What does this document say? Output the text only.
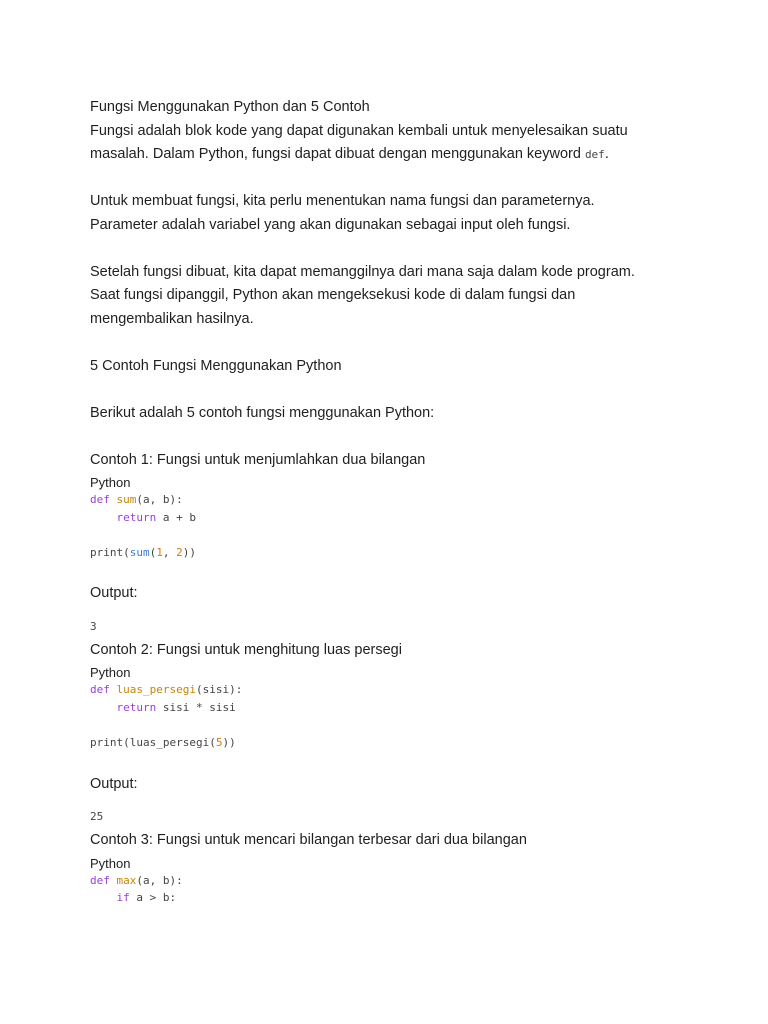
Fungsi Menggunakan Python dan 5 Contoh

Fungsi adalah blok kode yang dapat digunakan kembali untuk menyelesaikan suatu

masalah. Dalam Python, fungsi dapat dibuat dengan menggunakan keyword def.

Untuk membuat fungsi, kita perlu menentukan nama fungsi dan parameternya.

Parameter adalah variabel yang akan digunakan sebagai input oleh fungsi.

Setelah fungsi dibuat, kita dapat memanggilnya dari mana saja dalam kode program.

Saat fungsi dipanggil, Python akan mengeksekusi kode di dalam fungsi dan

mengembalikan hasilnya.

5 Contoh Fungsi Menggunakan Python

Berikut adalah 5 contoh fungsi menggunakan Python:

Contoh 1: Fungsi untuk menjumlahkan dua bilangan

Python

def sum(a, b):
return a + b

print(sum(1, 2))

Output:

3

Contoh 2: Fungsi untuk menghitung luas persegi

Python

def luas_persegi(sisi):
return sisi * sisi

print(luas_persegi(5))

Output:

25

Contoh 3: Fungsi untuk mencari bilangan terbesar dari dua bilangan

Python

def max(a, b):
if a > b:
